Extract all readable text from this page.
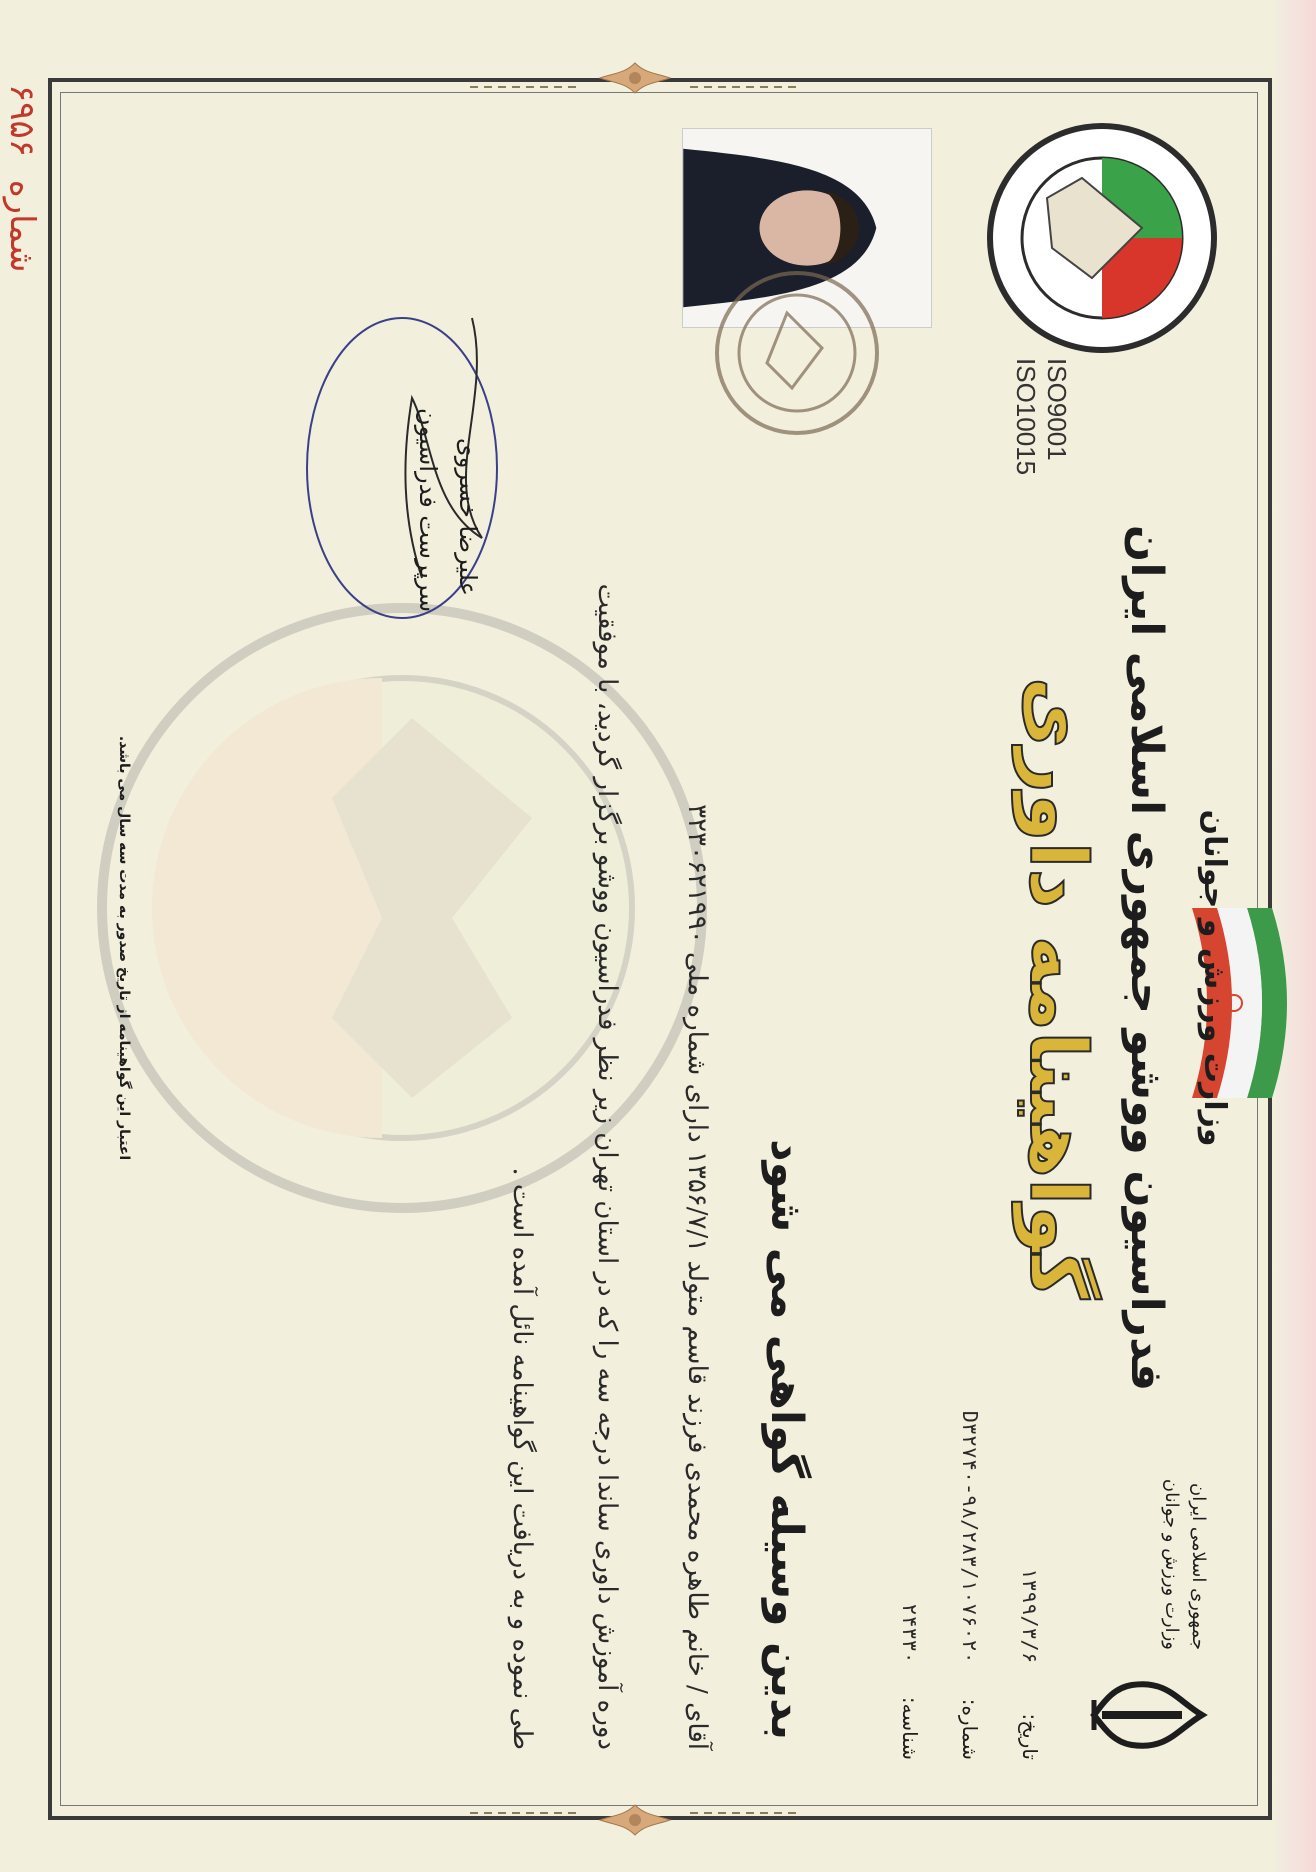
وزارت ورزش و جوانان
فدراسیون ووشو جمهوری اسلامی ایران
گواهینامه داوری
جمهوری اسلامی ایران
وزارت ورزش و جوانان
تاریخ: ۱۳۹۹/۳/۶
شماره: D۳۲۷۴۰-۹۸/۲۸۳/۱۰۷۶۰۲۰
شناسه: ۲۴۳۳۰
ISO9001
ISO10015
بدین وسیله گواهی می شود
آقای / خانم طاهره محمدی فرزند قاسم متولد ۱۳۵۶/۷/۱ دارای شماره ملی ۳۲۳۰۶۲۱۹۹۰
دوره آموزش داوری ساندا درجه سه را که در استان تهران زیر نظر فدراسیون ووشو برگزار گردید، با موفقیت
طی نموده و به دریافت این گواهینامه نائل آمده است .
علیرضا خسروی
سرپرست فدراسیون
اعتبار این گواهینامه از تاریخ صدور به مدت سه سال می باشد.
شماره ۶۹۵۶
